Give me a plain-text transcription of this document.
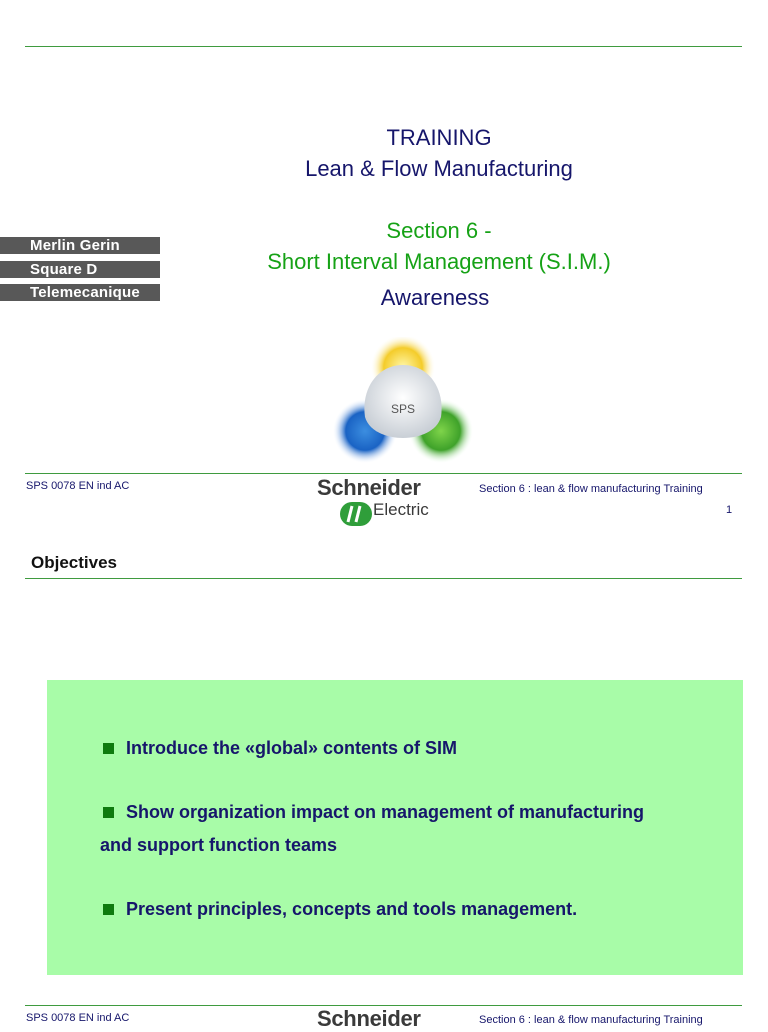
TRAINING
Lean & Flow Manufacturing
Section 6 -
Short Interval Management (S.I.M.)
Awareness
Merlin Gerin
Square D
Telemecanique
SPS
SPS 0078 EN ind AC	Schneider
Electric
Section 6 : lean & flow manufacturing Training
1
Objectives
Introduce the «global» contents of SIM
Show organization impact on management of manufacturing
and support function teams
Present principles, concepts and tools management.
SPS 0078 EN ind AC	Schneider	Section 6 : lean & flow manufacturing Training
